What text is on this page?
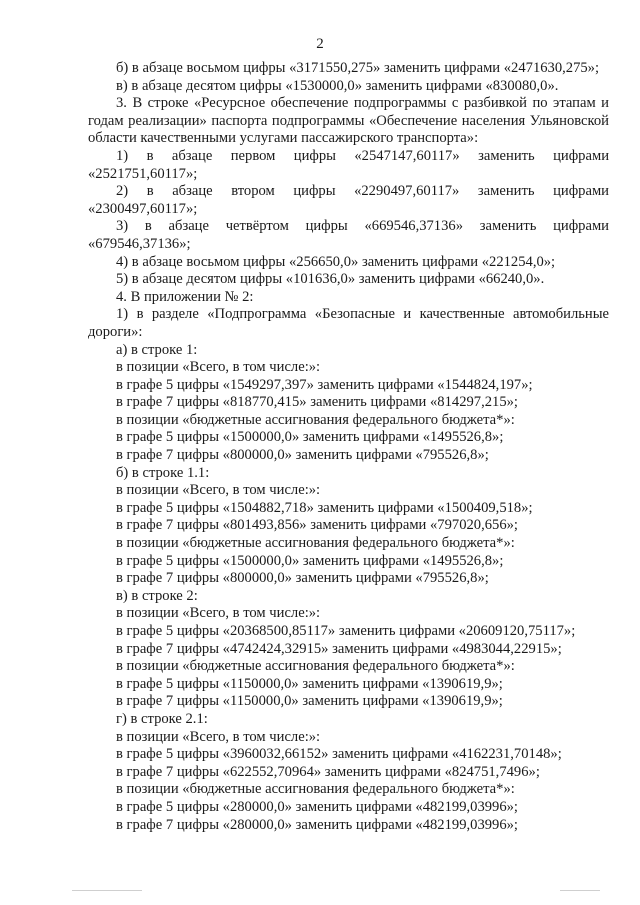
2

б) в абзаце восьмом цифры «3171550,275» заменить цифрами «2471630,275»;

в) в абзаце десятом цифры «1530000,0» заменить цифрами «830080,0».

3. В строке «Ресурсное обеспечение подпрограммы с разбивкой по этапам и годам реализации» паспорта подпрограммы «Обеспечение населения Ульяновской области качественными услугами пассажирского транспорта»:

1) в абзаце первом цифры «2547147,60117» заменить цифрами «2521751,60117»;

2) в абзаце втором цифры «2290497,60117» заменить цифрами «2300497,60117»;

3) в абзаце четвёртом цифры «669546,37136» заменить цифрами «679546,37136»;

4) в абзаце восьмом цифры «256650,0» заменить цифрами «221254,0»;

5) в абзаце десятом цифры «101636,0» заменить цифрами «66240,0».

4. В приложении № 2:

1) в разделе «Подпрограмма «Безопасные и качественные автомобильные дороги»:

а) в строке 1:

в позиции «Всего, в том числе:»:

в графе 5 цифры «1549297,397» заменить цифрами «1544824,197»;

в графе 7 цифры «818770,415» заменить цифрами «814297,215»;

в позиции «бюджетные ассигнования федерального бюджета*»:

в графе 5 цифры «1500000,0» заменить цифрами «1495526,8»;

в графе 7 цифры «800000,0» заменить цифрами «795526,8»;

б) в строке 1.1:

в позиции «Всего, в том числе:»:

в графе 5 цифры «1504882,718» заменить цифрами «1500409,518»;

в графе 7 цифры «801493,856» заменить цифрами «797020,656»;

в позиции «бюджетные ассигнования федерального бюджета*»:

в графе 5 цифры «1500000,0» заменить цифрами «1495526,8»;

в графе 7 цифры «800000,0» заменить цифрами «795526,8»;

в) в строке 2:

в позиции «Всего, в том числе:»:

в графе 5 цифры «20368500,85117» заменить цифрами «20609120,75117»;

в графе 7 цифры «4742424,32915» заменить цифрами «4983044,22915»;

в позиции «бюджетные ассигнования федерального бюджета*»:

в графе 5 цифры «1150000,0» заменить цифрами «1390619,9»;

в графе 7 цифры «1150000,0» заменить цифрами «1390619,9»;

г) в строке 2.1:

в позиции «Всего, в том числе:»:

в графе 5 цифры «3960032,66152» заменить цифрами «4162231,70148»;

в графе 7 цифры «622552,70964» заменить цифрами «824751,7496»;

в позиции «бюджетные ассигнования федерального бюджета*»:

в графе 5 цифры «280000,0» заменить цифрами «482199,03996»;

в графе 7 цифры «280000,0» заменить цифрами «482199,03996»;
